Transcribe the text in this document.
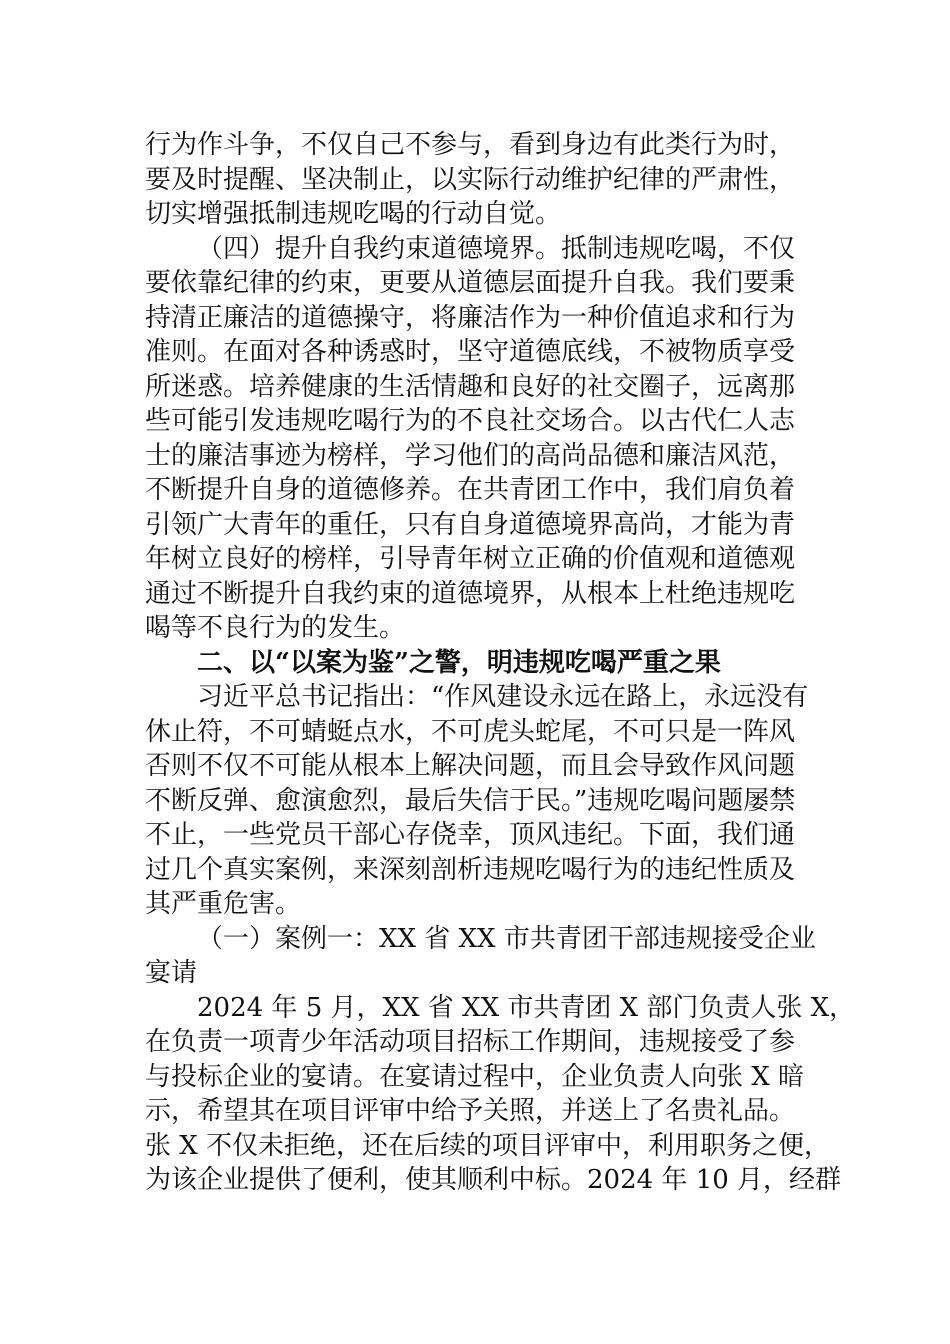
行为作斗争，不仅自己不参与，看到身边有此类行为时，
要及时提醒、坚决制止，以实际行动维护纪律的严肃性，
切实增强抵制违规吃喝的行动自觉。
（四）提升自我约束道德境界。抵制违规吃喝，不仅
要依靠纪律的约束，更要从道德层面提升自我。我们要秉
持清正廉洁的道德操守，将廉洁作为一种价值追求和行为
准则。在面对各种诱惑时，坚守道德底线，不被物质享受
所迷惑。培养健康的生活情趣和良好的社交圈子，远离那
些可能引发违规吃喝行为的不良社交场合。以古代仁人志
士的廉洁事迹为榜样，学习他们的高尚品德和廉洁风范，
不断提升自身的道德修养。在共青团工作中，我们肩负着
引领广大青年的重任，只有自身道德境界高尚，才能为青
年树立良好的榜样，引导青年树立正确的价值观和道德观
通过不断提升自我约束的道德境界，从根本上杜绝违规吃
喝等不良行为的发生。
二、以“以案为鉴”之警，明违规吃喝严重之果
习近平总书记指出：“作风建设永远在路上，永远没有
休止符，不可蜻蜓点水，不可虎头蛇尾，不可只是一阵风
否则不仅不可能从根本上解决问题，而且会导致作风问题
不断反弹、愈演愈烈，最后失信于民。”违规吃喝问题屡禁
不止，一些党员干部心存侥幸，顶风违纪。下面，我们通
过几个真实案例，来深刻剖析违规吃喝行为的违纪性质及
其严重危害。
（一）案例一：XX 省 XX 市共青团干部违规接受企业
宴请
2024 年 5 月，XX 省 XX 市共青团 X 部门负责人张 X，
在负责一项青少年活动项目招标工作期间，违规接受了参
与投标企业的宴请。在宴请过程中，企业负责人向张 X 暗
示，希望其在项目评审中给予关照，并送上了名贵礼品。
张 X 不仅未拒绝，还在后续的项目评审中，利用职务之便，
为该企业提供了便利，使其顺利中标。2024 年 10 月，经群
